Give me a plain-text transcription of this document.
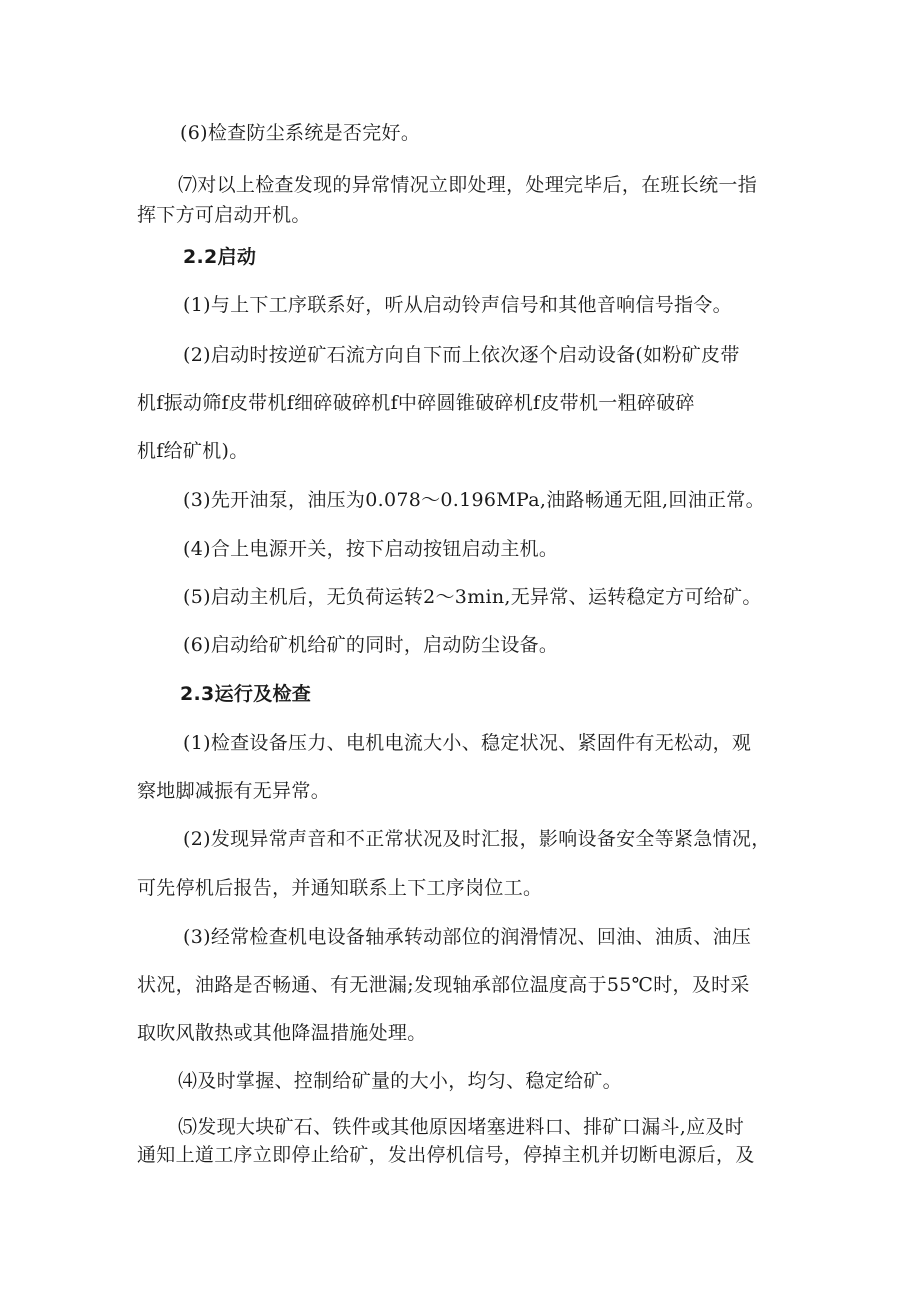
(6)检查防尘系统是否完好。
⑺对以上检查发现的异常情况立即处理，处理完毕后，在班长统一指
挥下方可启动开机。
2.2启动
(1)与上下工序联系好，听从启动铃声信号和其他音响信号指令。
(2)启动时按逆矿石流方向自下而上依次逐个启动设备(如粉矿皮带
机f振动筛f皮带机f细碎破碎机f中碎圆锥破碎机f皮带机一粗碎破碎
机f给矿机)。
(3)先开油泵，油压为0.078～0.196MPa,油路畅通无阻,回油正常。
(4)合上电源开关，按下启动按钮启动主机。
(5)启动主机后，无负荷运转2～3min,无异常、运转稳定方可给矿。
(6)启动给矿机给矿的同时，启动防尘设备。
2.3运行及检查
(1)检查设备压力、电机电流大小、稳定状况、紧固件有无松动，观
察地脚减振有无异常。
(2)发现异常声音和不正常状况及时汇报，影响设备安全等紧急情况，
可先停机后报告，并通知联系上下工序岗位工。
(3)经常检查机电设备轴承转动部位的润滑情况、回油、油质、油压
状况，油路是否畅通、有无泄漏;发现轴承部位温度高于55℃时，及时采
取吹风散热或其他降温措施处理。
⑷及时掌握、控制给矿量的大小，均匀、稳定给矿。
⑸发现大块矿石、铁件或其他原因堵塞进料口、排矿口漏斗,应及时
通知上道工序立即停止给矿，发出停机信号，停掉主机并切断电源后，及
